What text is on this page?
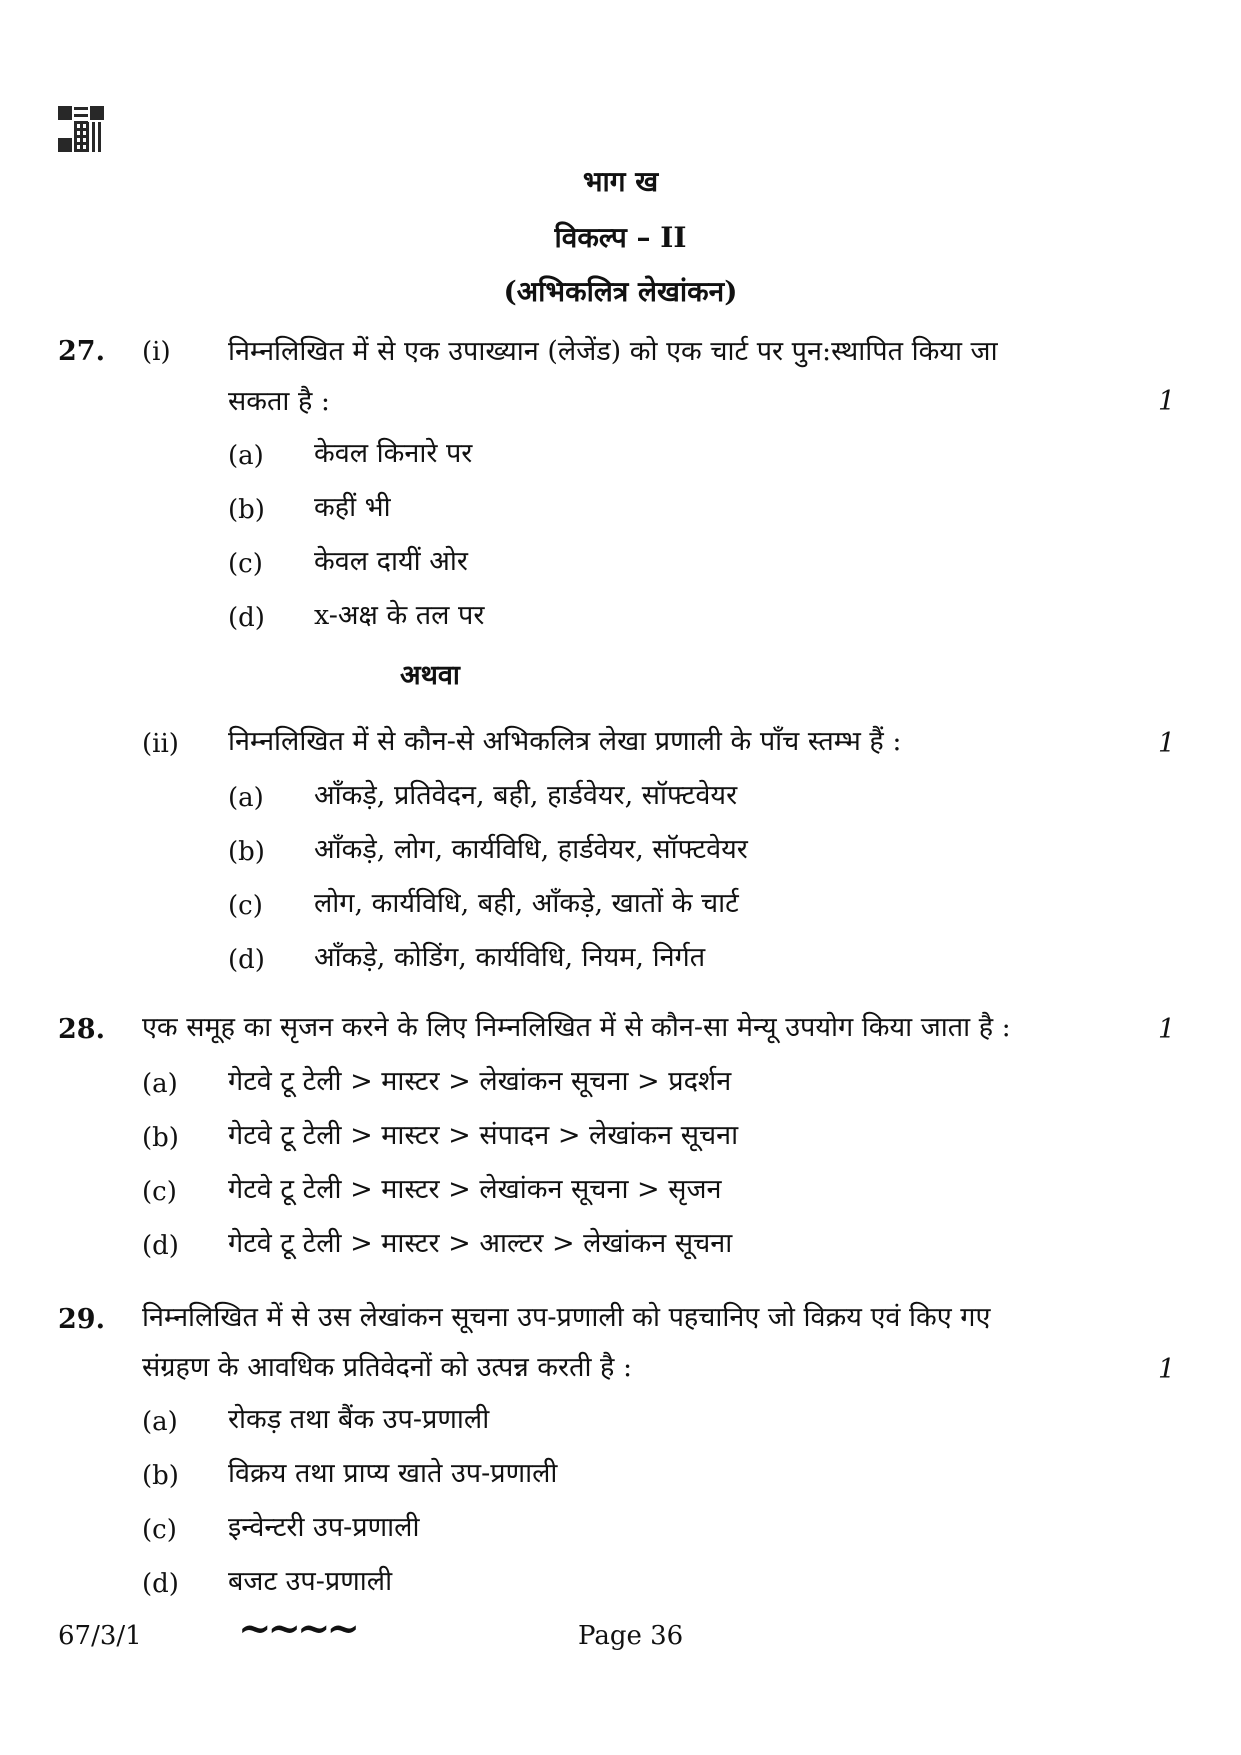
भाग ख
विकल्प – II
(अभिकलित्र लेखांकन)
27. (i) निम्नलिखित में से एक उपाख्यान (लेजेंड) को एक चार्ट पर पुन:स्थापित किया जा
सकता है :	1
(a) केवल किनारे पर
(b) कहीं भी
(c) केवल दायीं ओर
(d) x-अक्ष के तल पर
अथवा
(ii) निम्नलिखित में से कौन-से अभिकलित्र लेखा प्रणाली के पाँच स्तम्भ हैं :	1
(a) आँकड़े, प्रतिवेदन, बही, हार्डवेयर, सॉफ्टवेयर
(b) आँकड़े, लोग, कार्यविधि, हार्डवेयर, सॉफ्टवेयर
(c) लोग, कार्यविधि, बही, आँकड़े, खातों के चार्ट
(d) आँकड़े, कोडिंग, कार्यविधि, नियम, निर्गत
28. एक समूह का सृजन करने के लिए निम्नलिखित में से कौन-सा मेन्यू उपयोग किया जाता है :	1
(a) गेटवे टू टेली > मास्टर > लेखांकन सूचना > प्रदर्शन
(b) गेटवे टू टेली > मास्टर > संपादन > लेखांकन सूचना
(c) गेटवे टू टेली > मास्टर > लेखांकन सूचना > सृजन
(d) गेटवे टू टेली > मास्टर > आल्टर > लेखांकन सूचना
29. निम्नलिखित में से उस लेखांकन सूचना उप-प्रणाली को पहचानिए जो विक्रय एवं किए गए
संग्रहण के आवधिक प्रतिवेदनों को उत्पन्न करती है :	1
(a) रोकड़ तथा बैंक उप-प्रणाली
(b) विक्रय तथा प्राप्य खाते उप-प्रणाली
(c) इन्वेन्टरी उप-प्रणाली
(d) बजट उप-प्रणाली
67/3/1 ~~~~	Page 36
